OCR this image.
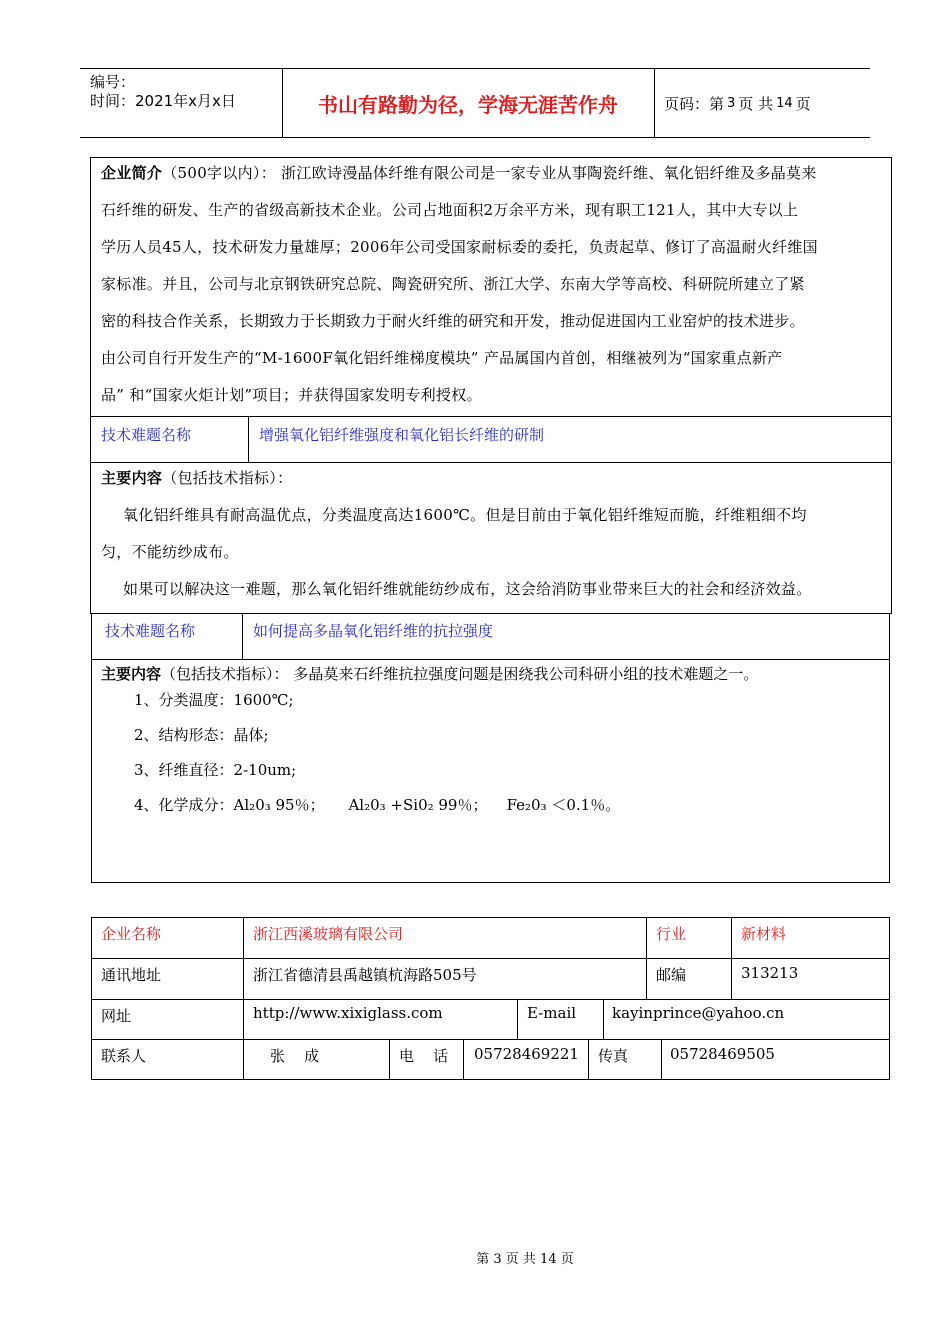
编号：
时间：2021年x月x日	书山有路勤为径，学海无涯苦作舟	页码：第 3 页 共 14 页
企业简介（500字以内）： 浙江欧诗漫晶体纤维有限公司是一家专业从事陶瓷纤维、氧化铝纤维及多晶莫来
石纤维的研发、生产的省级高新技术企业。公司占地面积2万余平方米，现有职工121人，其中大专以上
学历人员45人，技术研发力量雄厚；2006年公司受国家耐标委的委托，负责起草、修订了高温耐火纤维国
家标准。并且，公司与北京钢铁研究总院、陶瓷研究所、浙江大学、东南大学等高校、科研院所建立了紧
密的科技合作关系，长期致力于长期致力于耐火纤维的研究和开发，推动促进国内工业窑炉的技术进步。
由公司自行开发生产的“M-1600F氧化铝纤维梯度模块” 产品属国内首创，相继被列为“国家重点新产
品” 和“国家火炬计划”项目；并获得国家发明专利授权。
技术难题名称	增强氧化铝纤维强度和氧化铝长纤维的研制
主要内容（包括技术指标）：
氧化铝纤维具有耐高温优点，分类温度高达1600℃。但是目前由于氧化铝纤维短而脆，纤维粗细不均
匀，不能纺纱成布。
如果可以解决这一难题，那么氧化铝纤维就能纺纱成布，这会给消防事业带来巨大的社会和经济效益。
技术难题名称	如何提高多晶氧化铝纤维的抗拉强度
主要内容（包括技术指标）： 多晶莫来石纤维抗拉强度问题是困绕我公司科研小组的技术难题之一。
1、分类温度：1600℃;
2、结构形态：晶体;
3、纤维直径：2-10um;
4、化学成分：Al₂0₃ 95％； Al₂0₃ +Si0₂ 99％； Fe₂0₃ ＜0.1％。
企业名称	浙江西溪玻璃有限公司	行业	新材料
通讯地址	浙江省德清县禹越镇杭海路505号	邮编	313213
网址	http://www.xixiglass.com	E-mail kayinprince@yahoo.cn
联系人	张    成	电    话 05728469221 传真	05728469505
第 3 页 共 14 页
